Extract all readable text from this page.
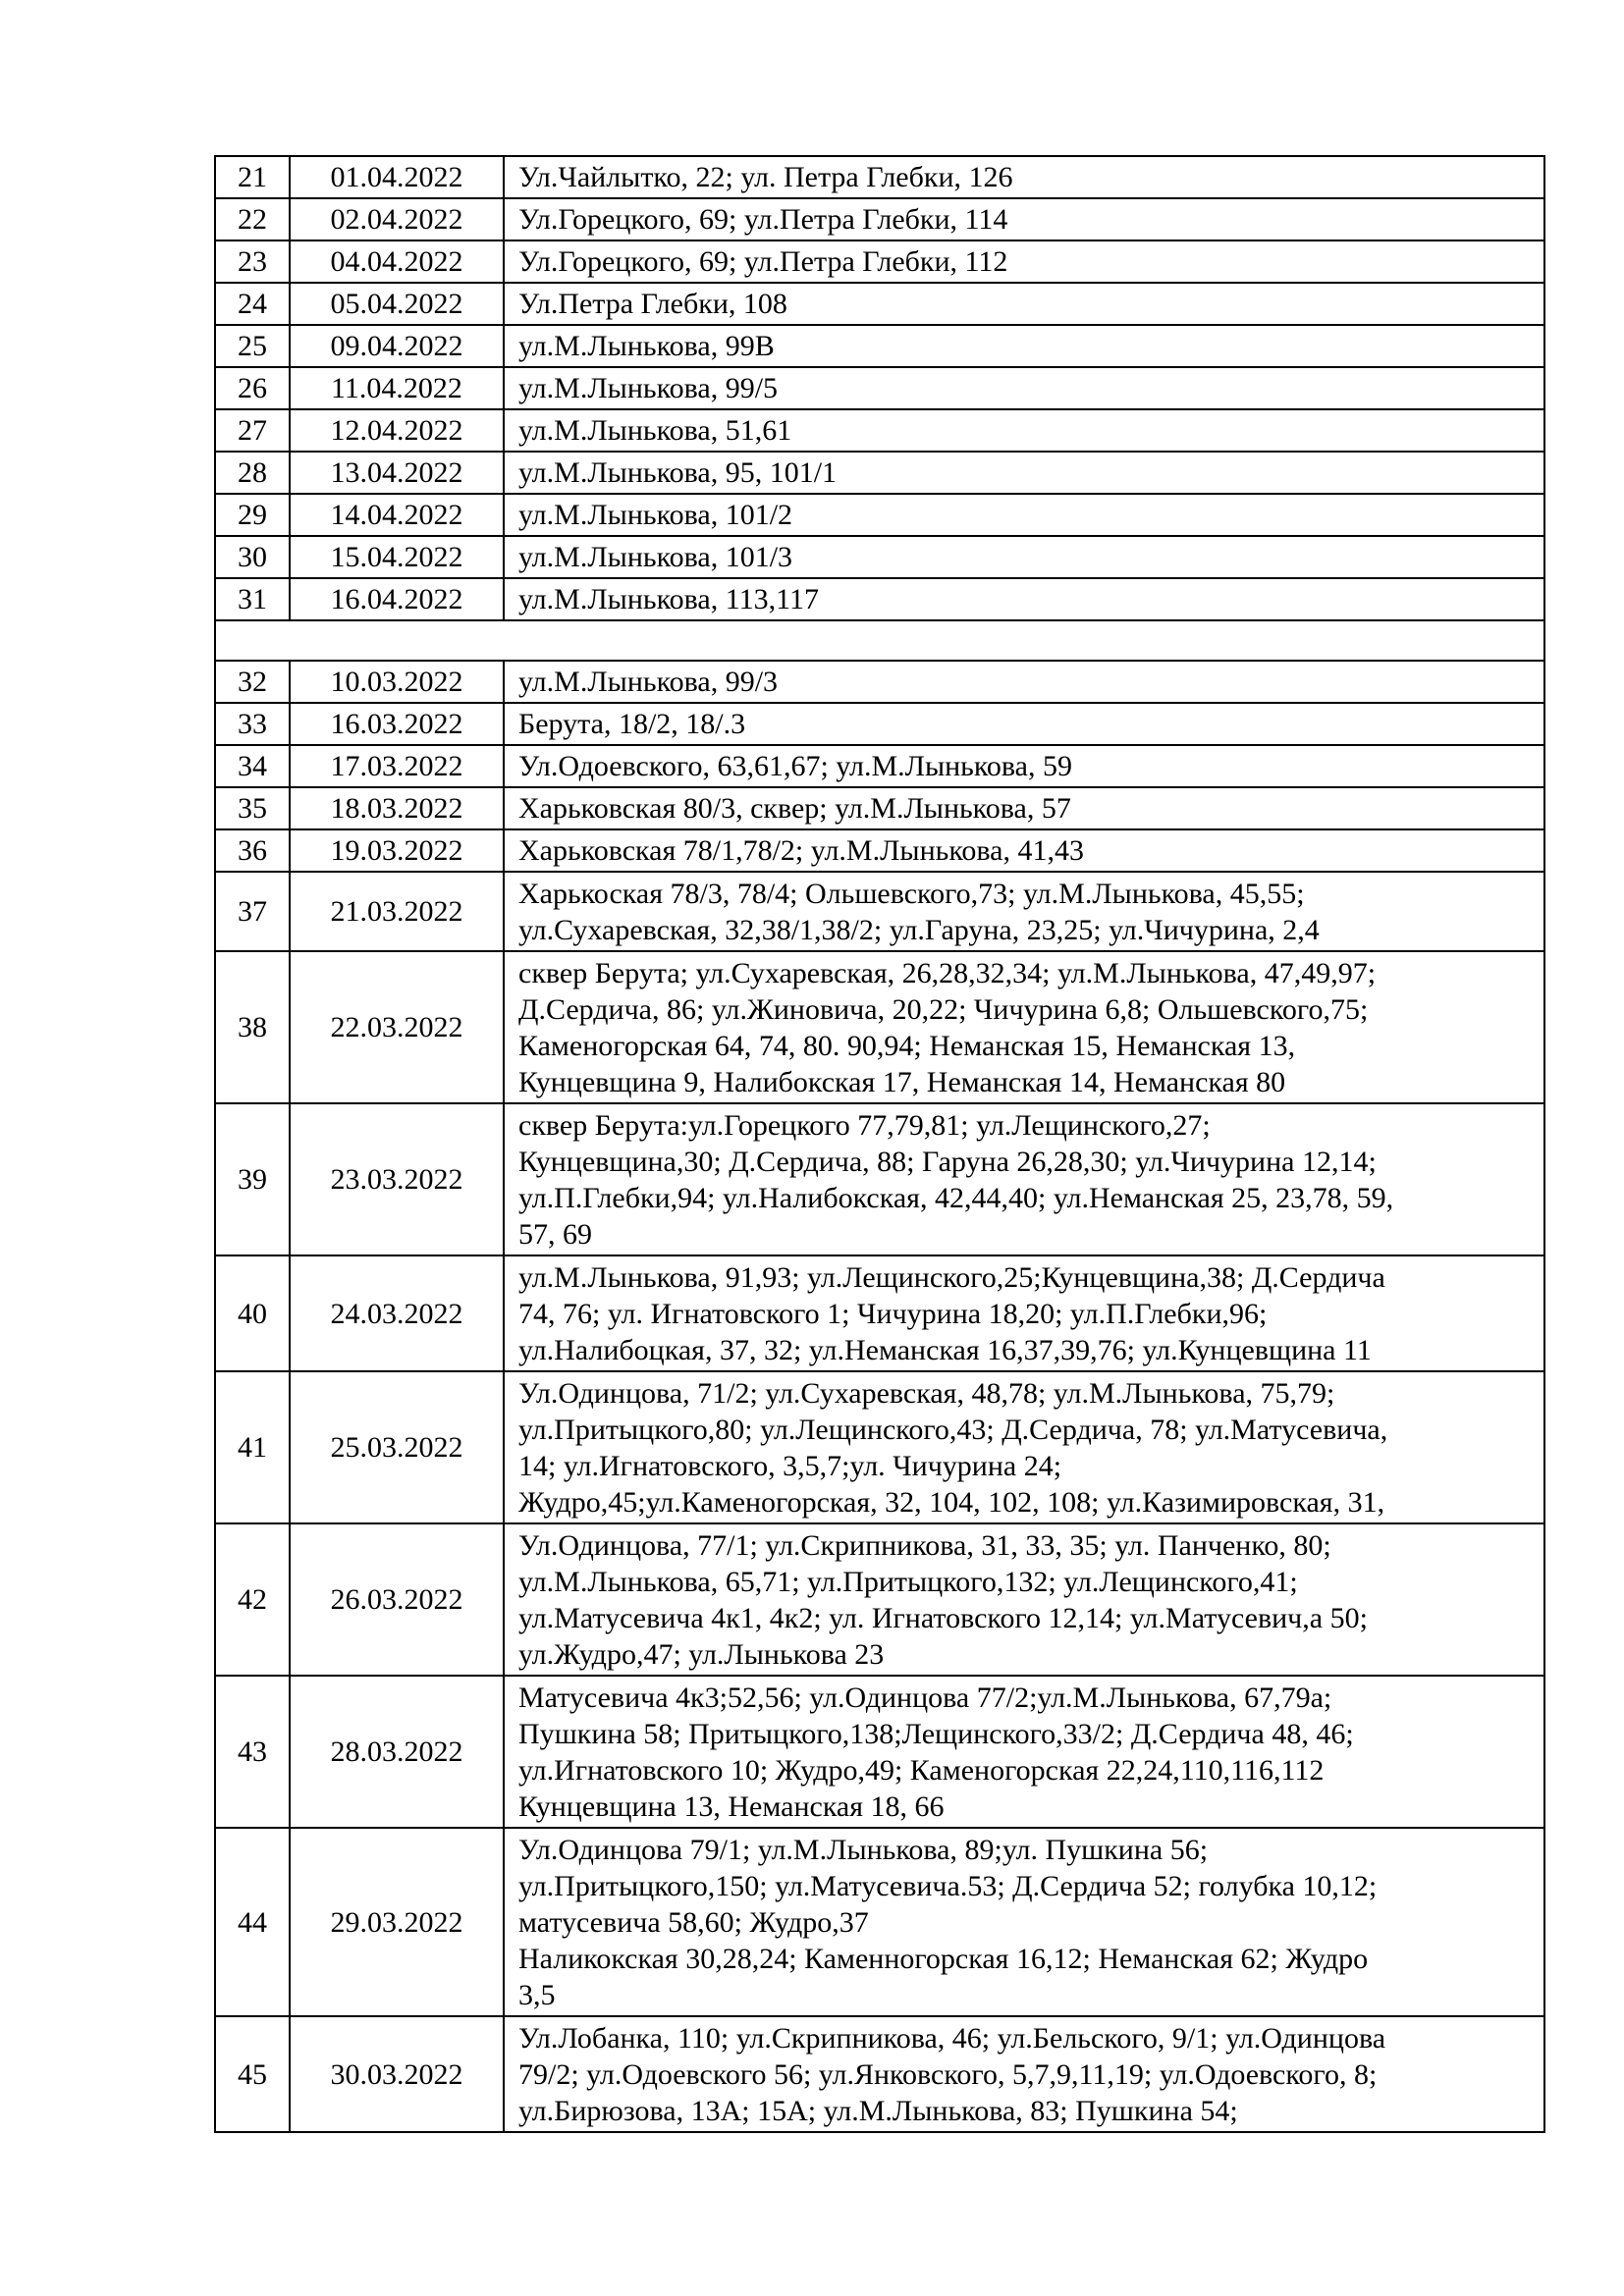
21	01.04.2022	Ул.Чайлытко, 22; ул. Петра Глебки, 126
22	02.04.2022	Ул.Горецкого, 69; ул.Петра Глебки, 114
23	04.04.2022	Ул.Горецкого, 69; ул.Петра Глебки, 112
24	05.04.2022	Ул.Петра Глебки, 108
25	09.04.2022	ул.М.Лынькова, 99В
26	11.04.2022	ул.М.Лынькова, 99/5
27	12.04.2022	ул.М.Лынькова, 51,61
28	13.04.2022	ул.М.Лынькова, 95, 101/1
29	14.04.2022	ул.М.Лынькова, 101/2
30	15.04.2022	ул.М.Лынькова, 101/3
31	16.04.2022	ул.М.Лынькова, 113,117

32	10.03.2022	ул.М.Лынькова, 99/3
33	16.03.2022	Берута, 18/2, 18/.3
34	17.03.2022	Ул.Одоевского, 63,61,67; ул.М.Лынькова, 59
35	18.03.2022	Харьковская 80/3, сквер; ул.М.Лынькова, 57
36	19.03.2022	Харьковская 78/1,78/2; ул.М.Лынькова, 41,43
37	21.03.2022	Харькоская 78/3, 78/4; Ольшевского,73; ул.М.Лынькова, 45,55;
ул.Сухаревская, 32,38/1,38/2; ул.Гаруна, 23,25; ул.Чичурина, 2,4
38	22.03.2022	сквер Берута; ул.Сухаревская, 26,28,32,34; ул.М.Лынькова, 47,49,97;
Д.Сердича, 86; ул.Жиновича, 20,22; Чичурина 6,8; Ольшевского,75;
Каменогорская 64, 74, 80. 90,94; Неманская 15, Неманская 13,
Кунцевщина 9, Налибокская 17, Неманская 14, Неманская 80
39	23.03.2022	сквер Берута:ул.Горецкого 77,79,81; ул.Лещинского,27;
Кунцевщина,30; Д.Сердича, 88; Гаруна 26,28,30; ул.Чичурина 12,14;
ул.П.Глебки,94; ул.Налибокская, 42,44,40; ул.Неманская 25, 23,78, 59,
57, 69
40	24.03.2022	ул.М.Лынькова, 91,93; ул.Лещинского,25;Кунцевщина,38; Д.Сердича
74, 76; ул. Игнатовского 1; Чичурина 18,20; ул.П.Глебки,96;
ул.Налибоцкая, 37, 32; ул.Неманская 16,37,39,76; ул.Кунцевщина 11
41	25.03.2022	Ул.Одинцова, 71/2; ул.Сухаревская, 48,78; ул.М.Лынькова, 75,79;
ул.Притыцкого,80; ул.Лещинского,43; Д.Сердича, 78; ул.Матусевича,
14; ул.Игнатовского, 3,5,7;ул. Чичурина 24;
Жудро,45;ул.Каменогорская, 32, 104, 102, 108; ул.Казимировская, 31,
42	26.03.2022	Ул.Одинцова, 77/1; ул.Скрипникова, 31, 33, 35; ул. Панченко, 80;
ул.М.Лынькова, 65,71; ул.Притыцкого,132; ул.Лещинского,41;
ул.Матусевича 4к1, 4к2; ул. Игнатовского 12,14; ул.Матусевич,а 50;
ул.Жудро,47; ул.Лынькова 23
43	28.03.2022	Матусевича 4к3;52,56; ул.Одинцова 77/2;ул.М.Лынькова, 67,79а;
Пушкина 58; Притыцкого,138;Лещинского,33/2; Д.Сердича 48, 46;
ул.Игнатовского 10; Жудро,49; Каменогорская 22,24,110,116,112
Кунцевщина 13, Неманская 18, 66
44	29.03.2022	Ул.Одинцова 79/1; ул.М.Лынькова, 89;ул. Пушкина 56;
ул.Притыцкого,150; ул.Матусевича.53; Д.Сердича 52; голубка 10,12;
матусевича 58,60; Жудро,37
Наликокская 30,28,24; Каменногорская 16,12; Неманская 62; Жудро
3,5
45	30.03.2022	Ул.Лобанка, 110; ул.Скрипникова, 46; ул.Бельского, 9/1; ул.Одинцова
79/2; ул.Одоевского 56; ул.Янковского, 5,7,9,11,19; ул.Одоевского, 8;
ул.Бирюзова, 13А; 15А; ул.М.Лынькова, 83; Пушкина 54;
